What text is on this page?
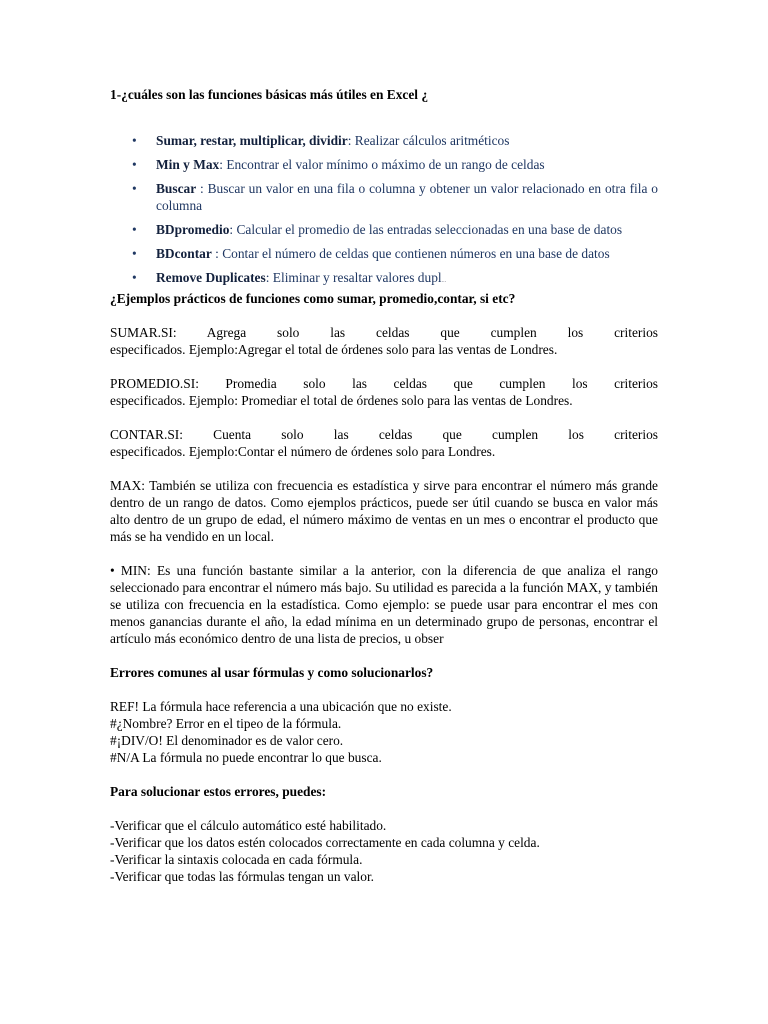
1-¿cuáles son las funciones básicas más útiles en Excel ¿

• Sumar, restar, multiplicar, dividir: Realizar cálculos aritméticos
• Min y Max: Encontrar el valor mínimo o máximo de un rango de celdas
• Buscar : Buscar un valor en una fila o columna y obtener un valor relacionado en otra fila o columna
• BDpromedio: Calcular el promedio de las entradas seleccionadas en una base de datos
• BDcontar : Contar el número de celdas que contienen números en una base de datos
• Remove Duplicates: Eliminar y resaltar valores dupl...

¿Ejemplos prácticos de funciones como sumar, promedio,contar, si etc?

SUMAR.SI: Agrega solo las celdas que cumplen los criterios
especificados. Ejemplo:Agregar el total de órdenes solo para las ventas de Londres.
PROMEDIO.SI: Promedia solo las celdas que cumplen los criterios
especificados. Ejemplo: Promediar el total de órdenes solo para las ventas de Londres.
CONTAR.SI: Cuenta solo las celdas que cumplen los criterios
especificados. Ejemplo:Contar el número de órdenes solo para Londres.

MAX: También se utiliza con frecuencia es estadística y sirve para encontrar el número más grande dentro de un rango de datos. Como ejemplos prácticos, puede ser útil cuando se busca en valor más alto dentro de un grupo de edad, el número máximo de ventas en un mes o encontrar el producto que más se ha vendido en un local.

• MIN: Es una función bastante similar a la anterior, con la diferencia de que analiza el rango seleccionado para encontrar el número más bajo. Su utilidad es parecida a la función MAX, y también se utiliza con frecuencia en la estadística. Como ejemplo: se puede usar para encontrar el mes con menos ganancias durante el año, la edad mínima en un determinado grupo de personas, encontrar el artículo más económico dentro de una lista de precios, u obser

Errores comunes al usar fórmulas y como solucionarlos?

REF! La fórmula hace referencia a una ubicación que no existe.
#¿Nombre? Error en el tipeo de la fórmula.
#¡DIV/O! El denominador es de valor cero.
#N/A La fórmula no puede encontrar lo que busca.

Para solucionar estos errores, puedes:

-Verificar que el cálculo automático esté habilitado.
-Verificar que los datos estén colocados correctamente en cada columna y celda.
-Verificar la sintaxis colocada en cada fórmula.
-Verificar que todas las fórmulas tengan un valor.
